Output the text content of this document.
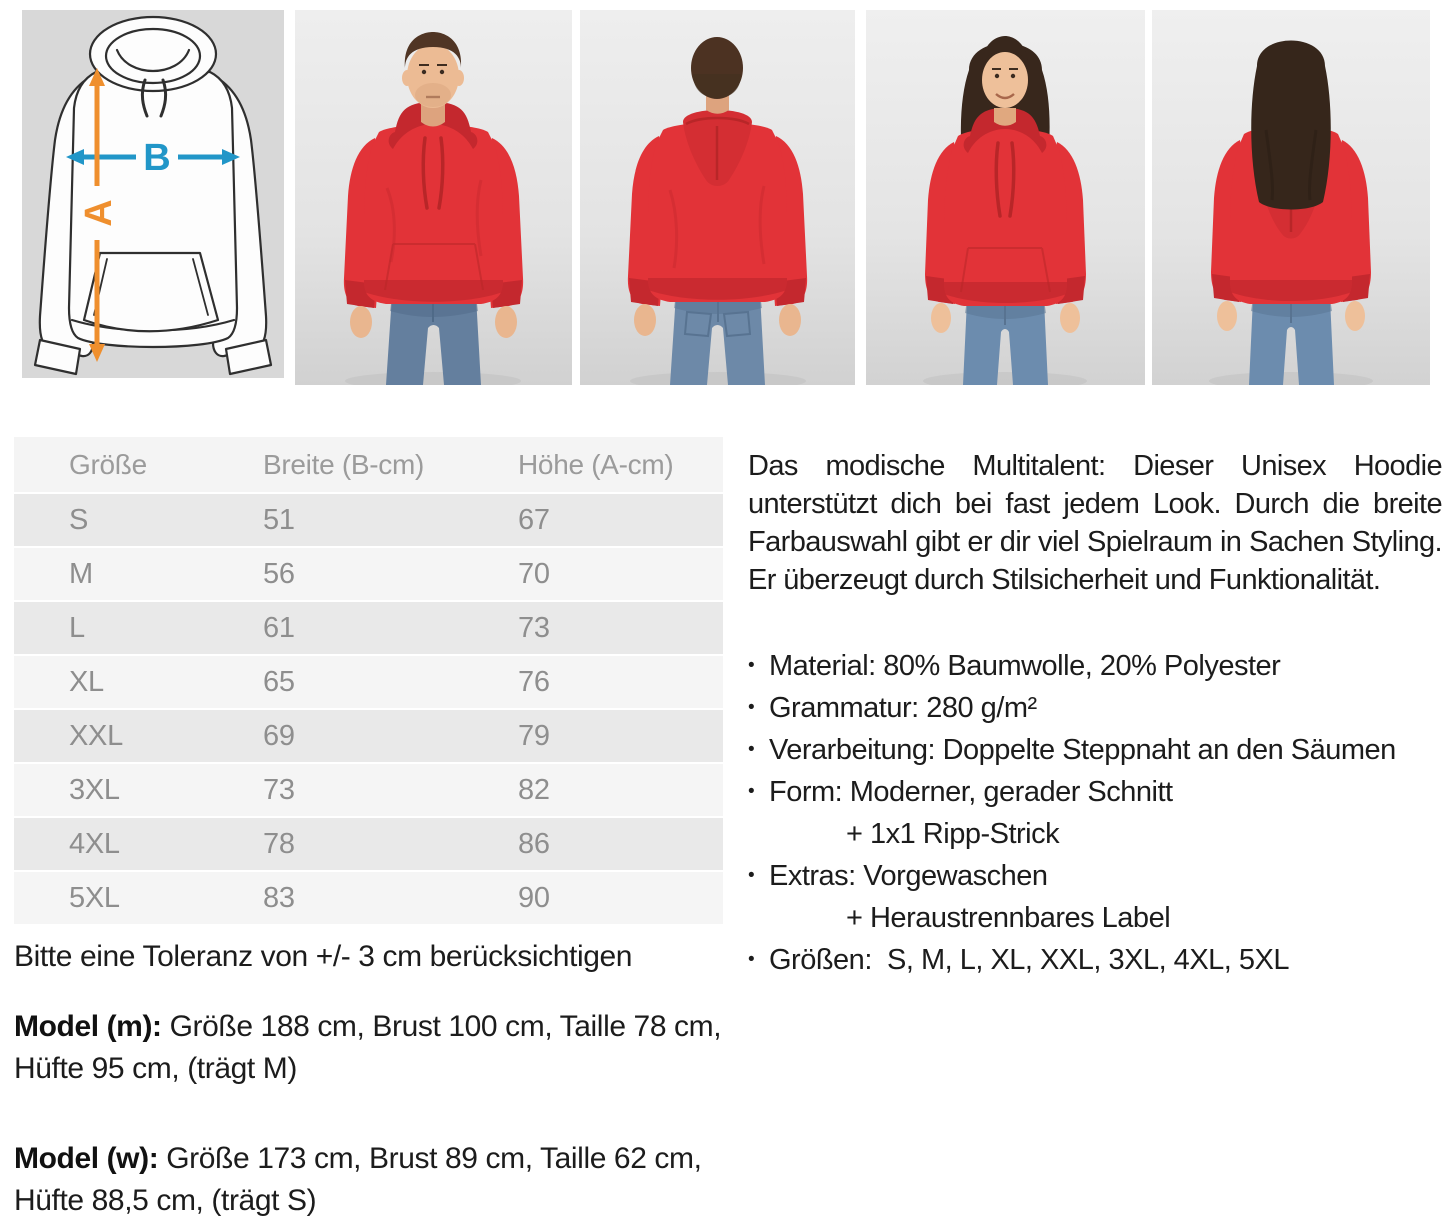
B
A
Größe	Breite (B-cm)	Höhe (A-cm)
S	51	67
M	56	70
L	61	73
XL	65	76
XXL	69	79
3XL	73	82
4XL	78	86
5XL	83	90

Bitte eine Toleranz von +/- 3 cm berücksichtigen

Model (m): Größe 188 cm, Brust 100 cm, Taille 78 cm, Hüfte 95 cm, (trägt M)

Model (w): Größe 173 cm, Brust 89 cm, Taille 62 cm, Hüfte 88,5 cm, (trägt S)

Das modische Multitalent: Dieser Unisex Hoodie unterstützt dich bei fast jedem Look. Durch die breite Farbauswahl gibt er dir viel Spielraum in Sachen Styling. Er überzeugt durch Stilsicherheit und Funktionalität.

• Material: 80% Baumwolle, 20% Polyester
• Grammatur: 280 g/m²
• Verarbeitung: Doppelte Steppnaht an den Säumen
• Form: Moderner, gerader Schnitt
+ 1x1 Ripp-Strick
• Extras: Vorgewaschen
+ Heraustrennbares Label
• Größen:  S, M, L, XL, XXL, 3XL, 4XL, 5XL
